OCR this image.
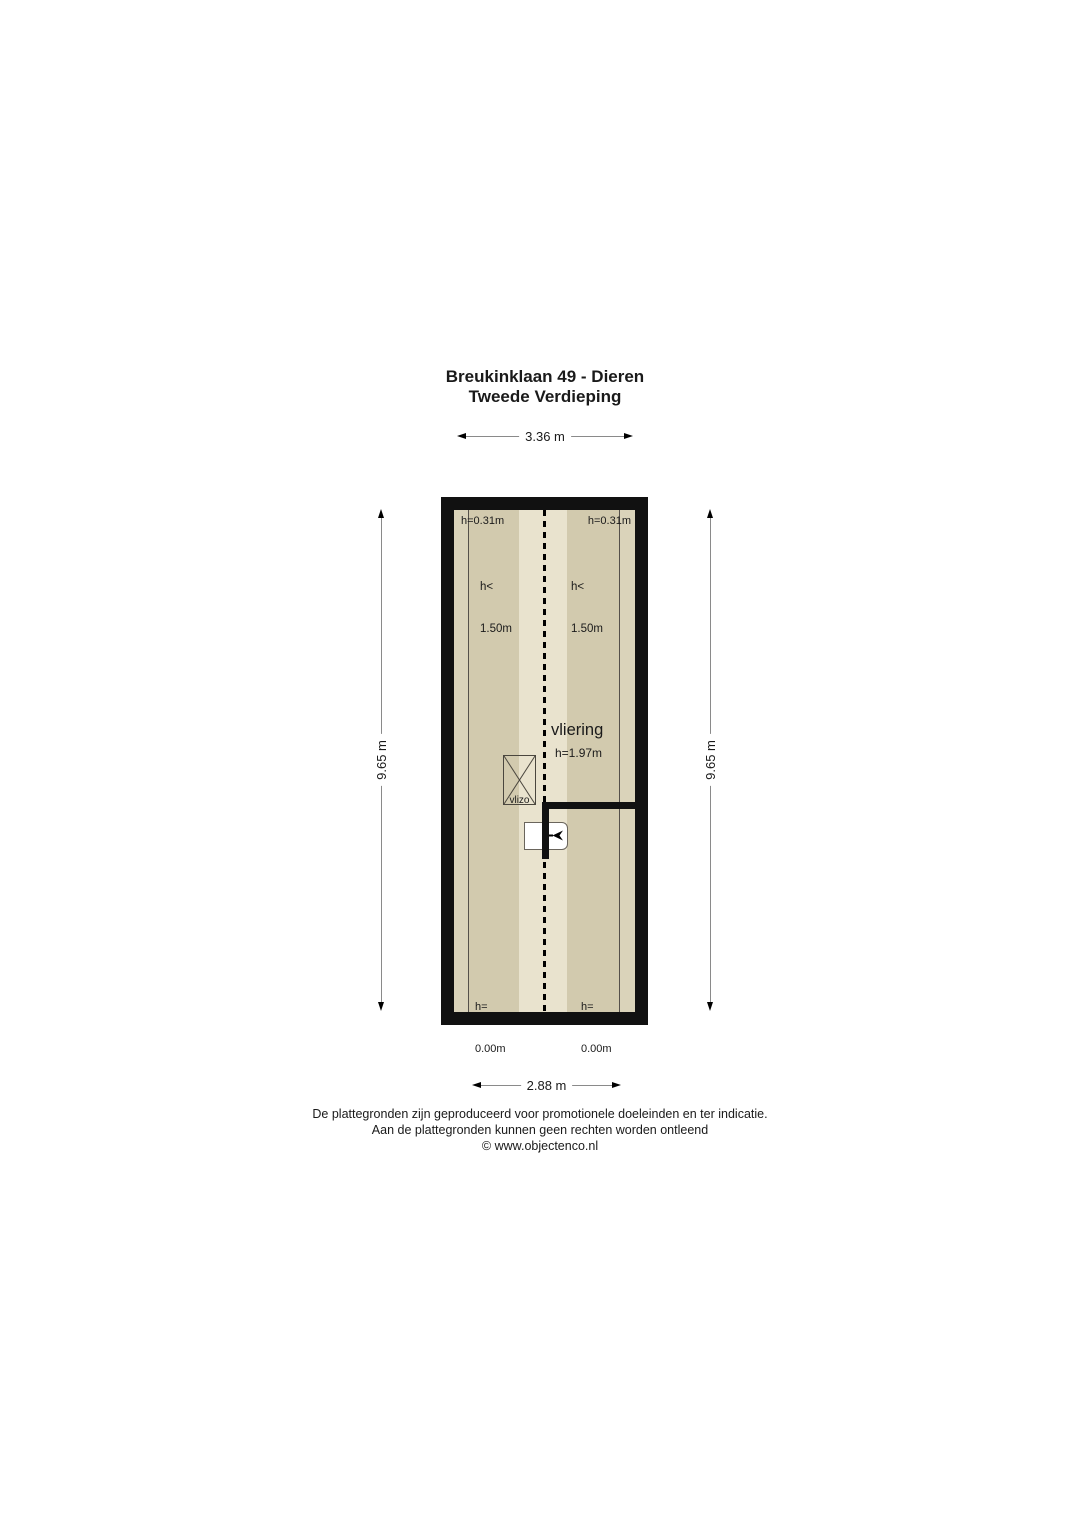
Breukinklaan 49 - Dieren
Tweede Verdieping
3.36 m
9.65 m	9.65 m
vlizo
h=0.31m	h=0.31m

h<

1.50m

h<

1.50m

vliering
h=1.97m

h=

0.00m

h=

0.00m

2.88 m
De plattegronden zijn geproduceerd voor promotionele doeleinden en ter indicatie.
Aan de plattegronden kunnen geen rechten worden ontleend
© www.objectenco.nl
